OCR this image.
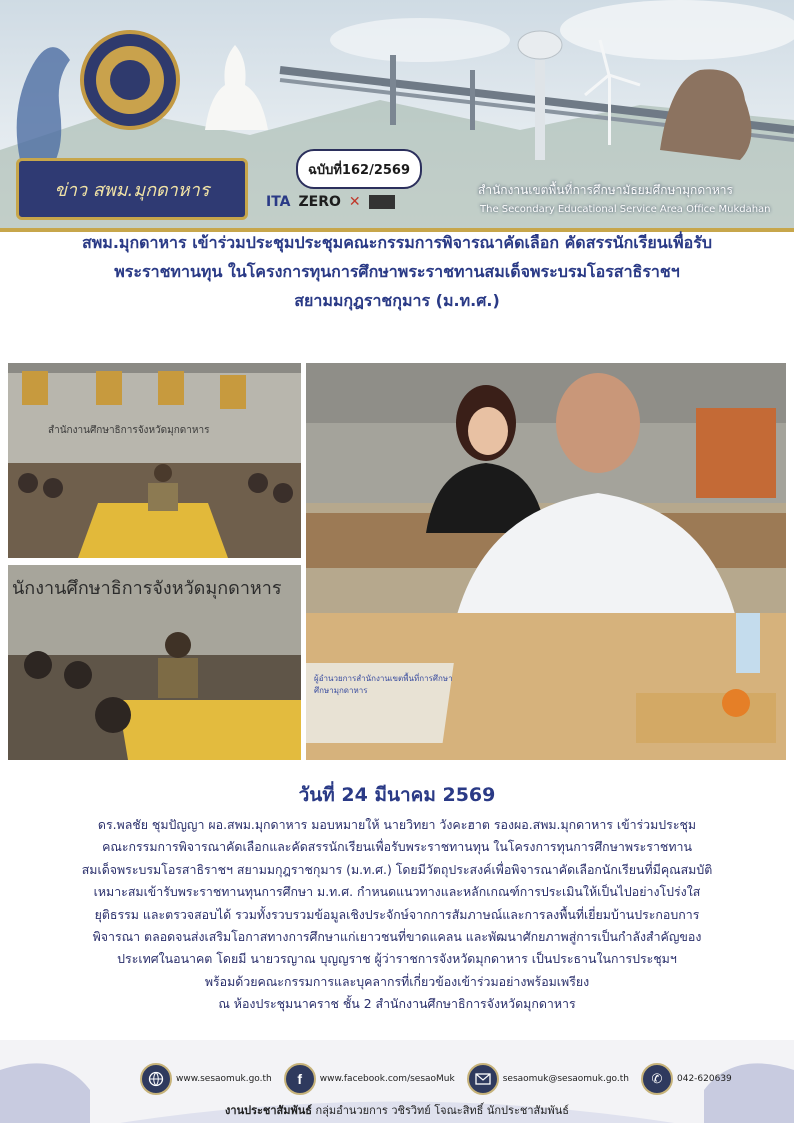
ข่าว สพม.มุกดาหาร
ฉบับที่162/2569
ITA ZERO ✕
สำนักงานเขตพื้นที่การศึกษามัธยมศึกษามุกดาหาร
The Secondary Educational Service Area Office Mukdahan
สพม.มุกดาหาร เข้าร่วมประชุมประชุมคณะกรรมการพิจารณาคัดเลือก คัดสรรนักเรียนเพื่อรับ
พระราชทานทุน ในโครงการทุนการศึกษาพระราชทานสมเด็จพระบรมโอรสาธิราชฯ
สยามมกุฎราชกุมาร (ม.ท.ศ.)
สำนักงานศึกษาธิการจังหวัดมุกดาหาร
นักงานศึกษาธิการจังหวัดมุกดาหาร
ผู้อำนวยการสำนักงานเขตพื้นที่การศึกษา
ศึกษามุกดาหาร
วันที่ 24 มีนาคม 2569
ดร.พลชัย ชุมปัญญา ผอ.สพม.มุกดาหาร มอบหมายให้ นายวิทยา วังคะฮาต รองผอ.สพม.มุกดาหาร เข้าร่วมประชุม
คณะกรรมการพิจารณาคัดเลือกและคัดสรรนักเรียนเพื่อรับพระราชทานทุน ในโครงการทุนการศึกษาพระราชทาน
สมเด็จพระบรมโอรสาธิราชฯ สยามมกุฎราชกุมาร (ม.ท.ศ.) โดยมีวัตถุประสงค์เพื่อพิจารณาคัดเลือกนักเรียนที่มีคุณสมบัติ
เหมาะสมเข้ารับพระราชทานทุนการศึกษา ม.ท.ศ. กำหนดแนวทางและหลักเกณฑ์การประเมินให้เป็นไปอย่างโปร่งใส
ยุติธรรม และตรวจสอบได้ รวมทั้งรวบรวมข้อมูลเชิงประจักษ์จากการสัมภาษณ์และการลงพื้นที่เยี่ยมบ้านประกอบการ
พิจารณา ตลอดจนส่งเสริมโอกาสทางการศึกษาแก่เยาวชนที่ขาดแคลน และพัฒนาศักยภาพสู่การเป็นกำลังสำคัญของ
ประเทศในอนาคต โดยมี นายวรญาณ บุญญราช ผู้ว่าราชการจังหวัดมุกดาหาร เป็นประธานในการประชุมฯ
พร้อมด้วยคณะกรรมการและบุคลากรที่เกี่ยวข้องเข้าร่วมอย่างพร้อมเพรียง
ณ ห้องประชุมนาคราช ชั้น 2 สำนักงานศึกษาธิการจังหวัดมุกดาหาร
www.sesaomuk.go.th f www.facebook.com/sesaoMuk	sesaomuk@sesaomuk.go.th ✆ 042-620639
งานประชาสัมพันธ์ กลุ่มอำนวยการ วชิรวิทย์ โจณะสิทธิ์ นักประชาสัมพันธ์
